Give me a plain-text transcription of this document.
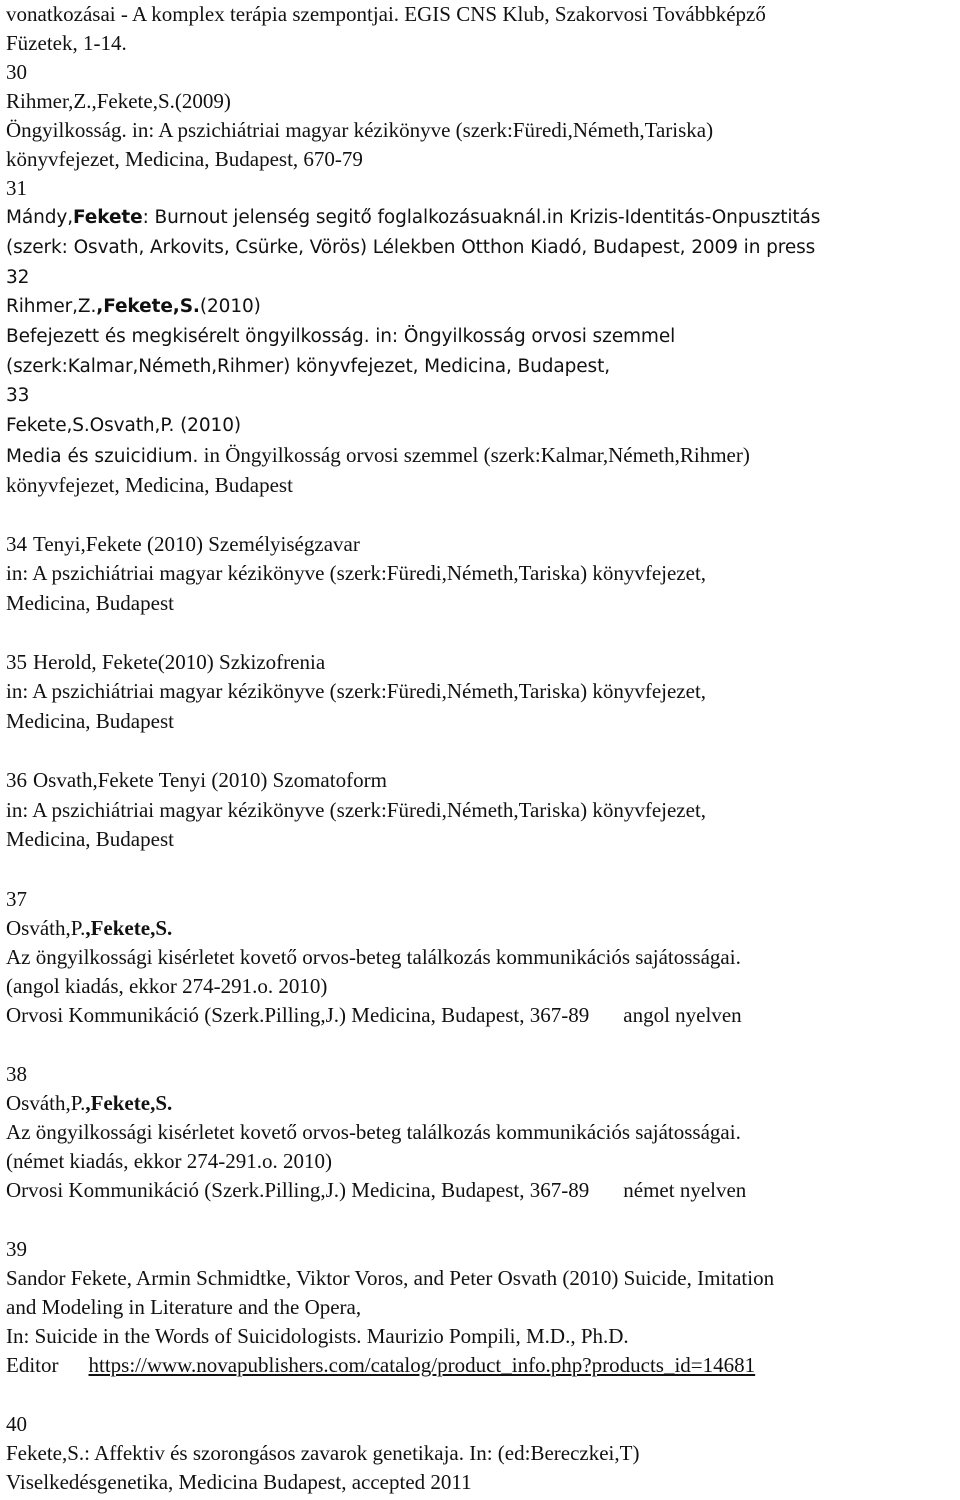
vonatkozásai - A komplex terápia szempontjai. EGIS CNS Klub, Szakorvosi Továbbképző
Füzetek, 1-14.
30
Rihmer,Z.,Fekete,S.(2009)
Öngyilkosság. in: A pszichiátriai magyar kézikönyve (szerk:Füredi,Németh,Tariska)
könyvfejezet, Medicina, Budapest, 670-79
31
Mándy,Fekete: Burnout jelenség segitő foglalkozásuaknál.in Krizis-Identitás-Onpusztitás
(szerk: Osvath, Arkovits, Csürke, Vörös) Lélekben Otthon Kiadó, Budapest, 2009 in press
32
Rihmer,Z.,Fekete,S.(2010)
Befejezett és megkisérelt öngyilkosság. in: Öngyilkosság orvosi szemmel
(szerk:Kalmar,Németh,Rihmer) könyvfejezet, Medicina, Budapest,
33
Fekete,S.Osvath,P. (2010)
Media és szuicidium. in Öngyilkosság orvosi szemmel (szerk:Kalmar,Németh,Rihmer)
könyvfejezet, Medicina, Budapest
34 Tenyi,Fekete (2010) Személyiségzavar
in: A pszichiátriai magyar kézikönyve (szerk:Füredi,Németh,Tariska) könyvfejezet,
Medicina, Budapest
35 Herold, Fekete(2010) Szkizofrenia
in: A pszichiátriai magyar kézikönyve (szerk:Füredi,Németh,Tariska) könyvfejezet,
Medicina, Budapest
36 Osvath,Fekete Tenyi (2010) Szomatoform
in: A pszichiátriai magyar kézikönyve (szerk:Füredi,Németh,Tariska) könyvfejezet,
Medicina, Budapest
37
Osváth,P.,Fekete,S.
Az öngyilkossági kisérletet kovető orvos-beteg találkozás kommunikációs sajátosságai.
(angol kiadás, ekkor 274-291.o. 2010)
Orvosi Kommunikáció (Szerk.Pilling,J.) Medicina, Budapest, 367-89 angol nyelven
38
Osváth,P.,Fekete,S.
Az öngyilkossági kisérletet kovető orvos-beteg találkozás kommunikációs sajátosságai.
(német kiadás, ekkor 274-291.o. 2010)
Orvosi Kommunikáció (Szerk.Pilling,J.) Medicina, Budapest, 367-89 német nyelven
39
Sandor Fekete, Armin Schmidtke, Viktor Voros, and Peter Osvath (2010) Suicide, Imitation
and Modeling in Literature and the Opera,
In: Suicide in the Words of Suicidologists. Maurizio Pompili, M.D., Ph.D.
Editor https://www.novapublishers.com/catalog/product_info.php?products_id=14681
40
Fekete,S.: Affektiv és szorongásos zavarok genetikaja. In: (ed:Bereczkei,T)
Viselkedésgenetika, Medicina Budapest, accepted 2011
